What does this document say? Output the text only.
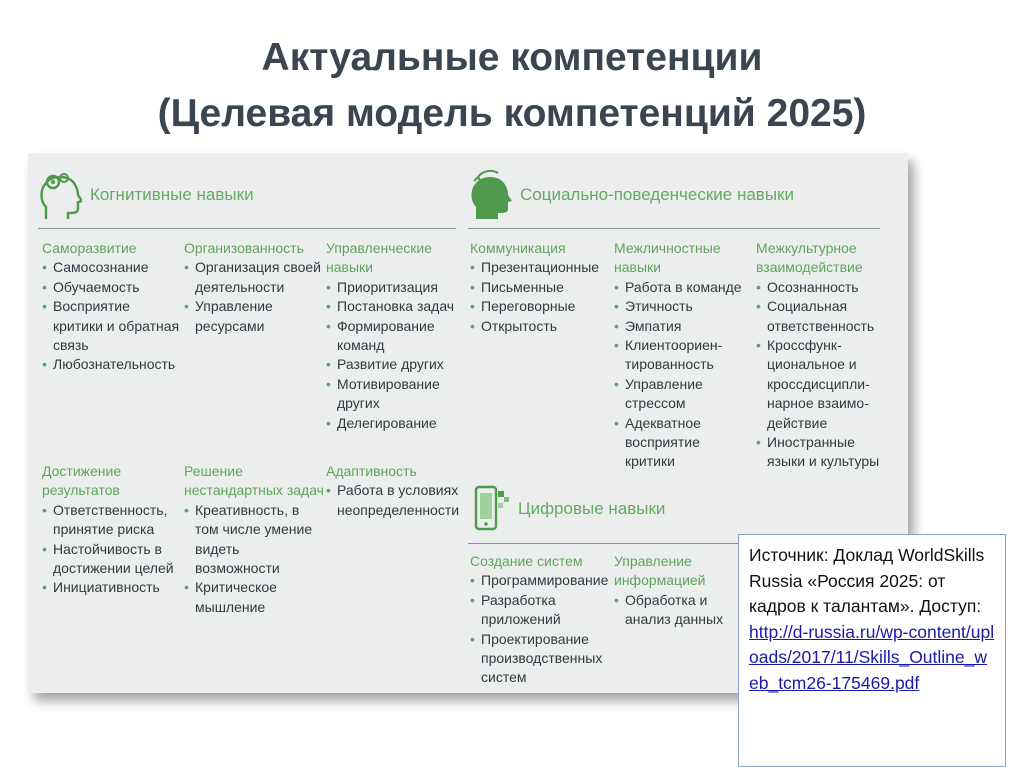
Актуальные компетенции
(Целевая модель компетенций 2025)
Когнитивные навыки	Социально-поведенческие навыки
Цифровые навыки
Саморазвитие
• Самосознание
• Обучаемость
• Восприятие
критики и обратная
связь
• Любознательность
Организованность
• Организация своей
деятельности
• Управление
ресурсами
Управленческие
навыки
• Приоритизация
• Постановка задач
• Формирование
команд
• Развитие других
• Мотивирование
других
• Делегирование
Коммуникация
• Презентационные
• Письменные
• Переговорные
• Открытость
Межличностные
навыки
• Работа в команде
• Этичность
• Эмпатия
• Клиентоориен-
тированность
• Управление
стрессом
• Адекватное
восприятие
критики
Межкультурное
взаимодействие
• Осознанность
• Социальная
ответственность
• Кроссфунк-
циональное и
кроссдисципли-
нарное взаимо-
действие
• Иностранные
языки и культуры
Достижение
результатов
• Ответственность,
принятие риска
• Настойчивость в
достижении целей
• Инициативность
Решение
нестандартных задач
• Креативность, в
том числе умение
видеть
возможности
• Критическое
мышление
Адаптивность
• Работа в условиях
неопределенности
Создание систем
• Программирование
• Разработка
приложений
• Проектирование
производственных
систем
Управление
информацией
• Обработка и
анализ данных
Источник: Доклад WorldSkills Russia «Россия 2025: от кадров к талантам». Доступ: http://d-russia.ru/wp-content/uploads/2017/11/Skills_Outline_web_tcm26-175469.pdf
